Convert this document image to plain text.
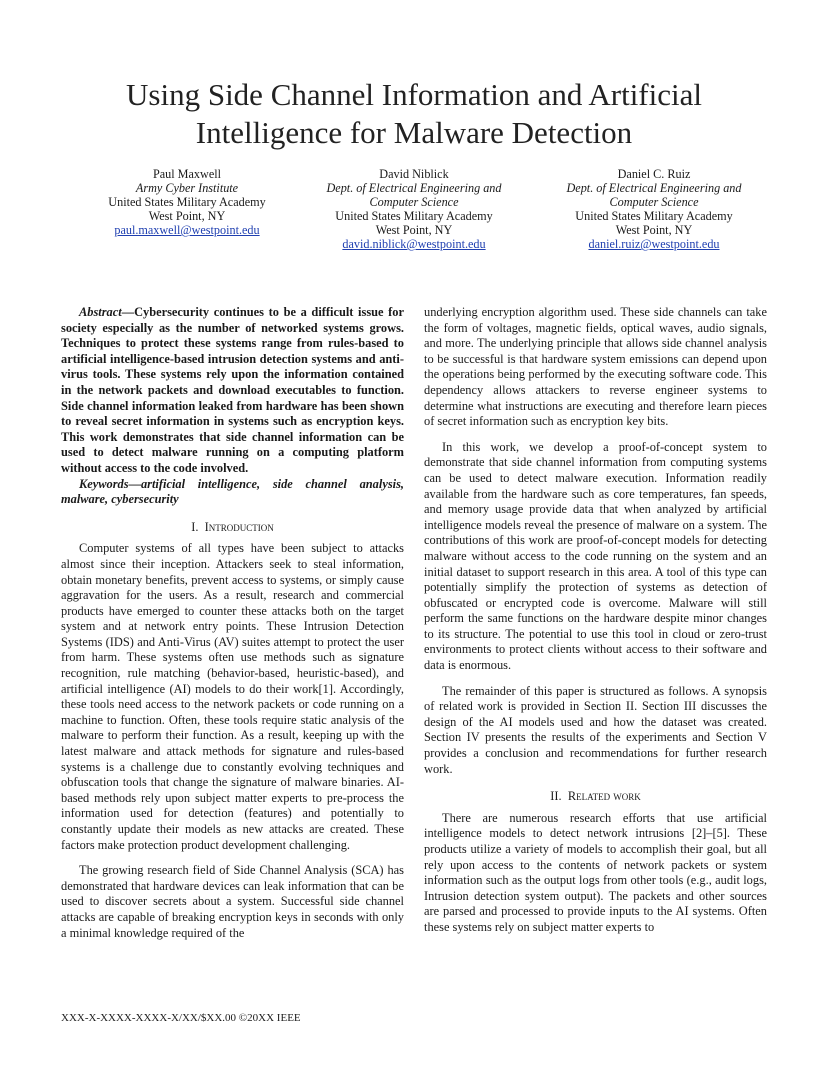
Using Side Channel Information and Artificial
Intelligence for Malware Detection
Paul Maxwell
Army Cyber Institute
United States Military Academy
West Point, NY
paul.maxwell@westpoint.edu
David Niblick
Dept. of Electrical Engineering and
Computer Science
United States Military Academy
West Point, NY
david.niblick@westpoint.edu
Daniel C. Ruiz
Dept. of Electrical Engineering and
Computer Science
United States Military Academy
West Point, NY
daniel.ruiz@westpoint.edu

Abstract—Cybersecurity continues to be a difficult issue for society especially as the number of networked systems grows. Techniques to protect these systems range from rules-based to artificial intelligence-based intrusion detection systems and anti-virus tools. These systems rely upon the information contained in the network packets and download executables to function. Side channel information leaked from hardware has been shown to reveal secret information in systems such as encryption keys. This work demonstrates that side channel information can be used to detect malware running on a computing platform without access to the code involved.

Keywords—artificial intelligence, side channel analysis, malware, cybersecurity

I. Introduction

Computer systems of all types have been subject to attacks almost since their inception. Attackers seek to steal information, obtain monetary benefits, prevent access to systems, or simply cause aggravation for the users. As a result, research and commercial products have emerged to counter these attacks both on the target system and at network entry points. These Intrusion Detection Systems (IDS) and Anti-Virus (AV) suites attempt to protect the user from harm. These systems often use methods such as signature recognition, rule matching (behavior-based, heuristic-based), and artificial intelligence (AI) models to do their work[1]. Accordingly, these tools need access to the network packets or code running on a machine to function. Often, these tools require static analysis of the malware to perform their function. As a result, keeping up with the latest malware and attack methods for signature and rules-based systems is a challenge due to constantly evolving techniques and obfuscation tools that change the signature of malware binaries. AI-based methods rely upon subject matter experts to pre-process the information used for detection (features) and potentially to constantly update their models as new attacks are created. These factors make protection product development challenging.

The growing research field of Side Channel Analysis (SCA) has demonstrated that hardware devices can leak information that can be used to discover secrets about a system. Successful side channel attacks are capable of breaking encryption keys in seconds with only a minimal knowledge required of the

underlying encryption algorithm used. These side channels can take the form of voltages, magnetic fields, optical waves, audio signals, and more. The underlying principle that allows side channel analysis to be successful is that hardware system emissions can depend upon the operations being performed by the executing software code. This dependency allows attackers to reverse engineer systems to determine what instructions are executing and therefore learn pieces of secret information such as encryption key bits.

In this work, we develop a proof-of-concept system to demonstrate that side channel information from computing systems can be used to detect malware execution. Information readily available from the hardware such as core temperatures, fan speeds, and memory usage provide data that when analyzed by artificial intelligence models reveal the presence of malware on a system. The contributions of this work are proof-of-concept models for detecting malware without access to the code running on the system and an initial dataset to support research in this area. A tool of this type can potentially simplify the protection of systems as detection of obfuscated or encrypted code is overcome. Malware will still perform the same functions on the hardware despite minor changes to its structure. The potential to use this tool in cloud or zero-trust environments to protect clients without access to their software and data is enormous.

The remainder of this paper is structured as follows. A synopsis of related work is provided in Section II. Section III discusses the design of the AI models used and how the dataset was created. Section IV presents the results of the experiments and Section V provides a conclusion and recommendations for further research work.

II. Related work

There are numerous research efforts that use artificial intelligence models to detect network intrusions [2]–[5]. These products utilize a variety of models to accomplish their goal, but all rely upon access to the contents of network packets or system information such as the output logs from other tools (e.g., audit logs, Intrusion detection system output). The packets and other sources are parsed and processed to provide inputs to the AI systems. Often these systems rely on subject matter experts to

XXX-X-XXXX-XXXX-X/XX/$XX.00 ©20XX IEEE
